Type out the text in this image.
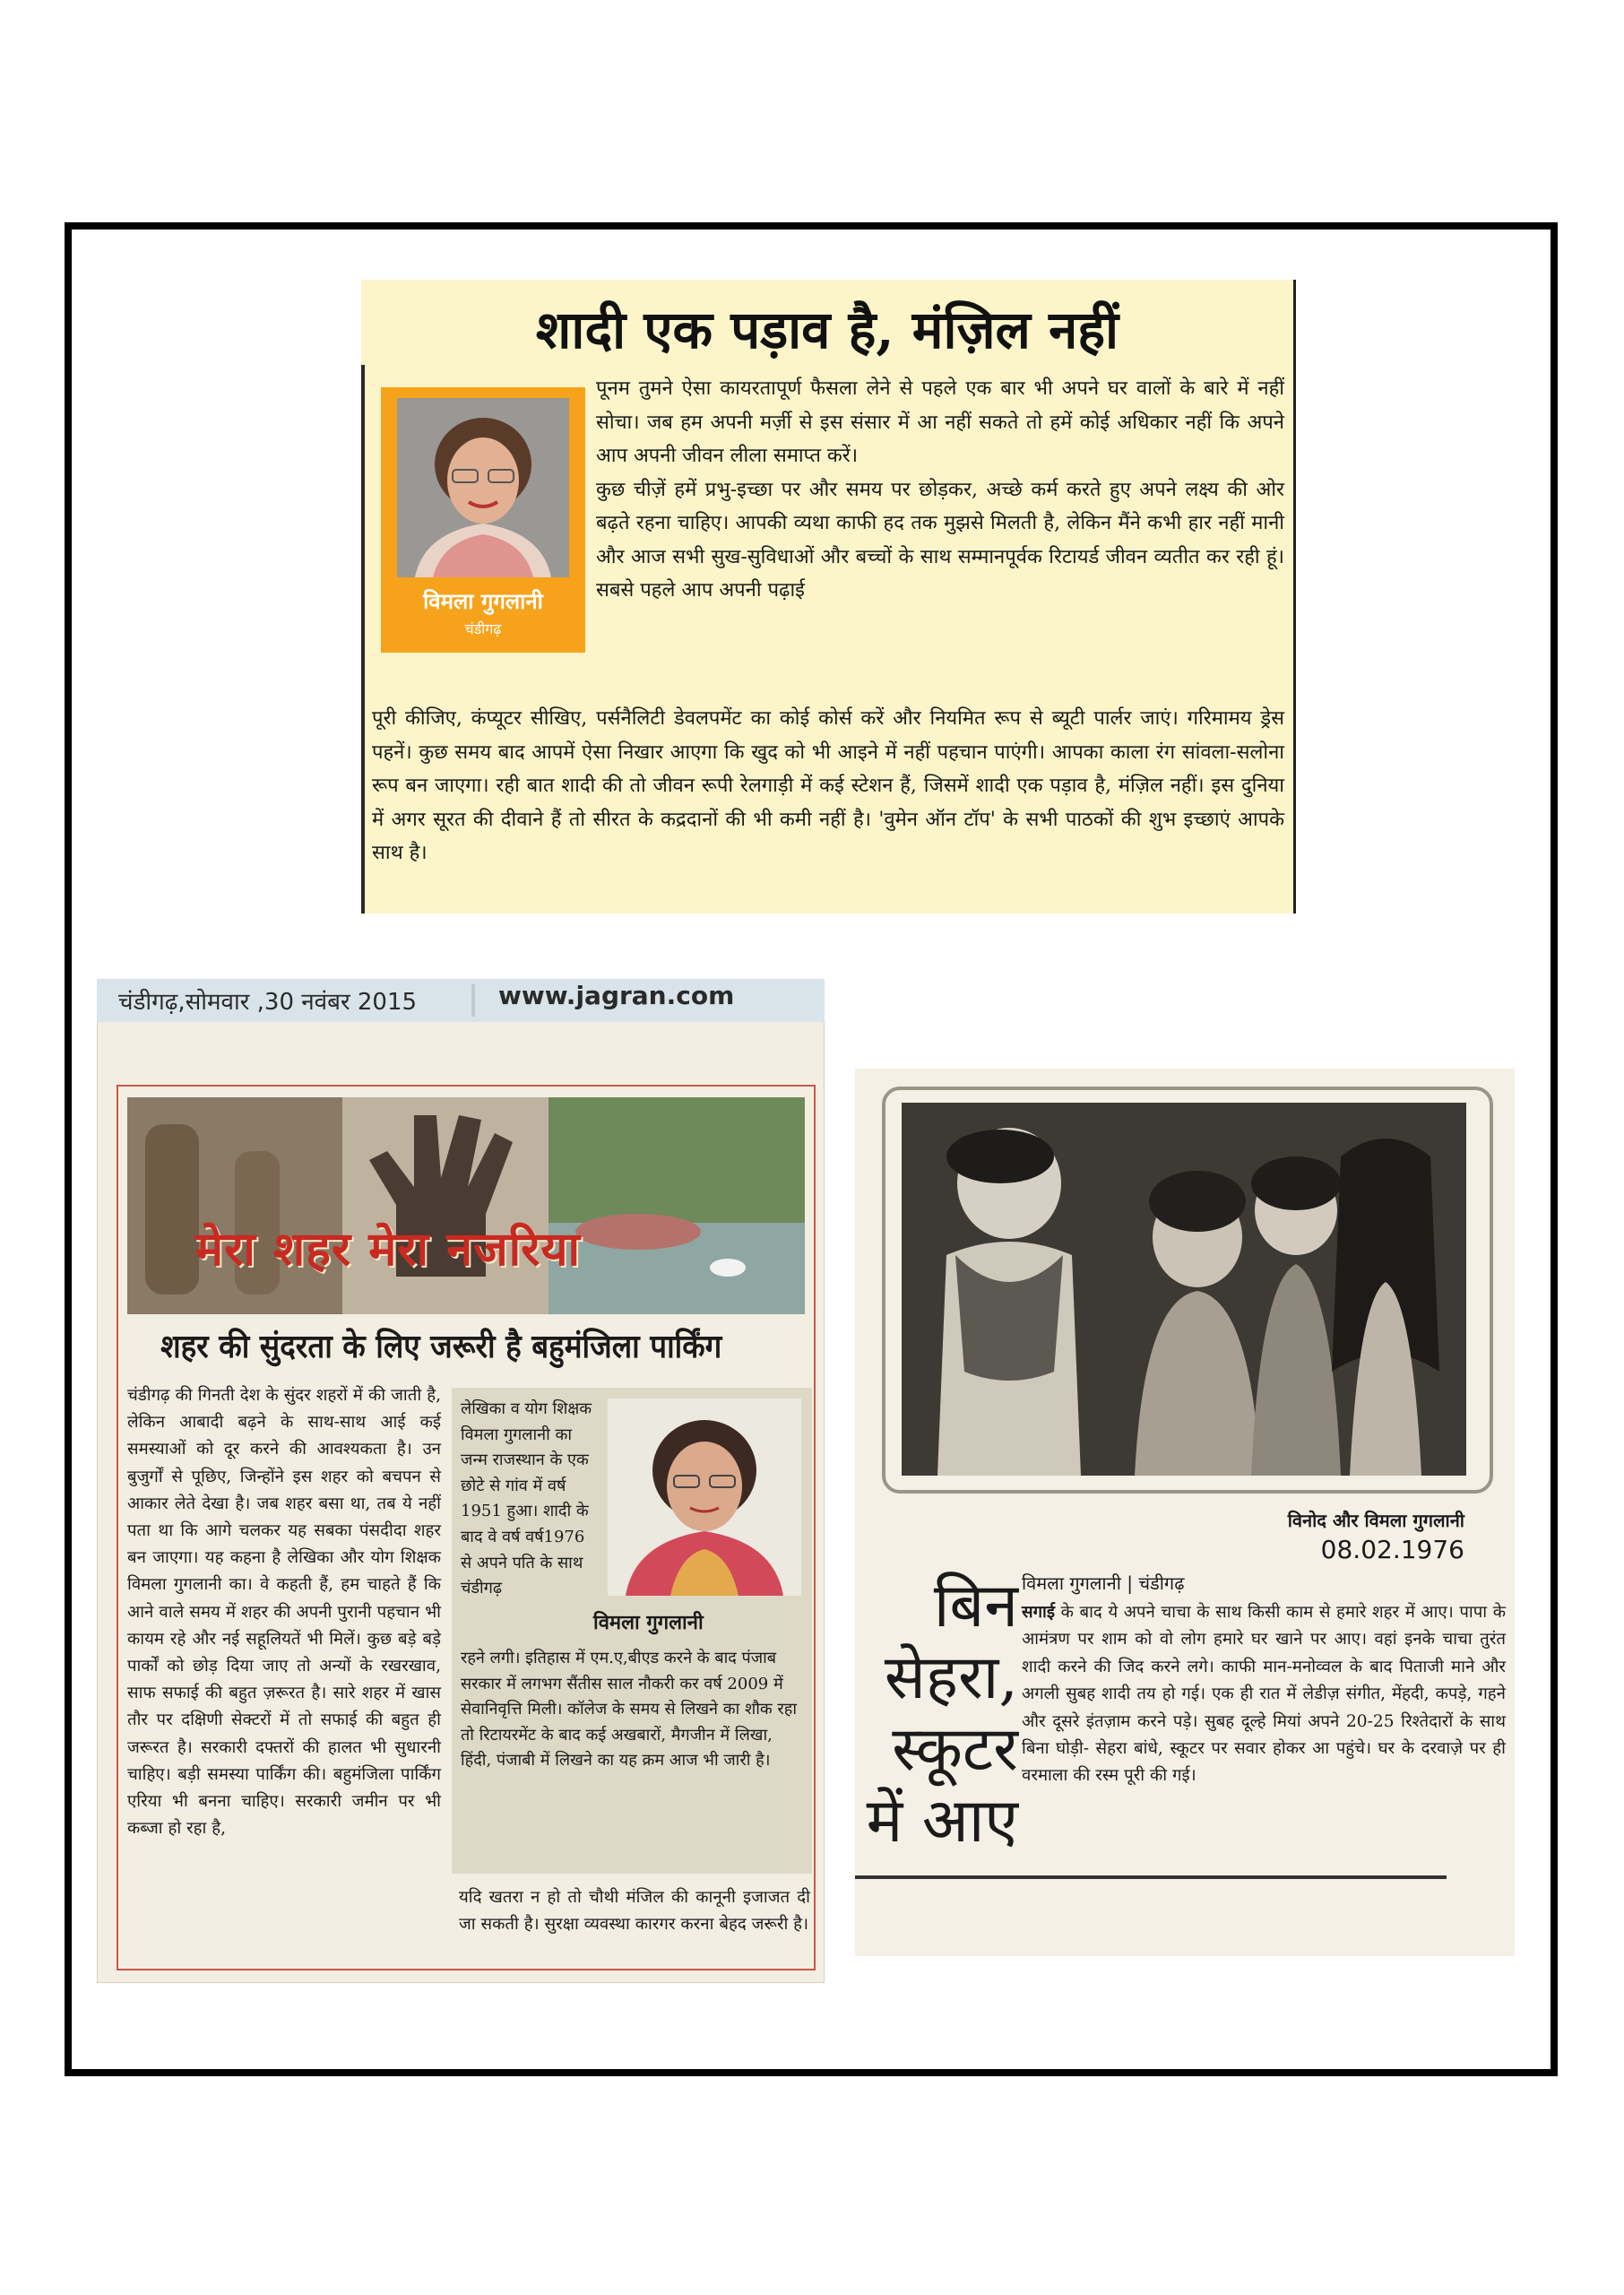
शादी एक पड़ाव है, मंज़िल नहीं
विमला गुगलानी
चंडीगढ़

पूनम तुमने ऐसा कायरतापूर्ण फैसला लेने से पहले एक बार भी अपने घर वालों के बारे में नहीं सोचा। जब हम अपनी मर्ज़ी से इस संसार में आ नहीं सकते तो हमें कोई अधिकार नहीं कि अपने आप अपनी जीवन लीला समाप्त करें।

कुछ चीज़ें हमें प्रभु-इच्छा पर और समय पर छोड़कर, अच्छे कर्म करते हुए अपने लक्ष्य की ओर बढ़ते रहना चाहिए। आपकी व्यथा काफी हद तक मुझसे मिलती है, लेकिन मैंने कभी हार नहीं मानी और आज सभी सुख-सुविधाओं और बच्चों के साथ सम्मानपूर्वक रिटायर्ड जीवन व्यतीत कर रही हूं। सबसे पहले आप अपनी पढ़ाई

पूरी कीजिए, कंप्यूटर सीखिए, पर्सनैलिटी डेवलपमेंट का कोई कोर्स करें और नियमित रूप से ब्यूटी पार्लर जाएं। गरिमामय ड्रेस पहनें। कुछ समय बाद आपमें ऐसा निखार आएगा कि खुद को भी आइने में नहीं पहचान पाएंगी। आपका काला रंग सांवला-सलोना रूप बन जाएगा। रही बात शादी की तो जीवन रूपी रेलगाड़ी में कई स्टेशन हैं, जिसमें शादी एक पड़ाव है, मंज़िल नहीं। इस दुनिया में अगर सूरत की दीवाने हैं तो सीरत के कद्रदानों की भी कमी नहीं है। 'वुमेन ऑन टॉप' के सभी पाठकों की शुभ इच्छाएं आपके साथ है।

चंडीगढ़,सोमवार ,30 नवंबर 2015	www.jagran.com
मेरा शहर मेरा नजरिया
शहर की सुंदरता के लिए जरूरी है बहुमंजिला पार्किंग
चंडीगढ़ की गिनती देश के सुंदर शहरों में की जाती है, लेकिन आबादी बढ़ने के साथ-साथ आई कई समस्याओं को दूर करने की आवश्यकता है। उन बुजुर्गों से पूछिए, जिन्होंने इस शहर को बचपन से आकार लेते देखा है। जब शहर बसा था, तब ये नहीं पता था कि आगे चलकर यह सबका पंसदीदा शहर बन जाएगा। यह कहना है लेखिका और योग शिक्षक विमला गुगलानी का। वे कहती हैं, हम चाहते हैं कि आने वाले समय में शहर की अपनी पुरानी पहचान भी कायम रहे और नई सहूलियतें भी मिलें। कुछ बड़े बड़े पार्कों को छोड़ दिया जाए तो अन्यों के रखरखाव, साफ सफाई की बहुत ज़रूरत है। सारे शहर में खास तौर पर दक्षिणी सेक्टरों में तो सफाई की बहुत ही जरूरत है। सरकारी दफ्तरों की हालत भी सुधारनी चाहिए। बड़ी समस्या पार्किंग की। बहुमंजिला पार्किंग एरिया भी बनना चाहिए। सरकारी जमीन पर भी कब्जा हो रहा है,
लेखिका व योग शिक्षक विमला गुगलानी का जन्म राजस्थान के एक छोटे से गांव में वर्ष 1951 हुआ। शादी के बाद वे वर्ष वर्ष1976 से अपने पति के साथ चंडीगढ़
विमला गुगलानी
रहने लगी। इतिहास में एम.ए,बीएड करने के बाद पंजाब सरकार में लगभग सैंतीस साल नौकरी कर वर्ष 2009 में सेवानिवृत्ति मिली। कॉलेज के समय से लिखने का शौक रहा तो रिटायरमेंट के बाद कई अखबारों, मैगजीन में लिखा, हिंदी, पंजाबी में लिखने का यह क्रम आज भी जारी है।
यदि खतरा न हो तो चौथी मंजिल की कानूनी इजाजत दी जा सकती है। सुरक्षा व्यवस्था कारगर करना बेहद जरूरी है।
विनोद और विमला गुगलानी
08.02.1976
बिन
सेहरा,
स्कूटर
में आए
विमला गुगलानी | चंडीगढ़
सगाई के बाद ये अपने चाचा के साथ किसी काम से हमारे शहर में आए। पापा के आमंत्रण पर शाम को वो लोग हमारे घर खाने पर आए। वहां इनके चाचा तुरंत शादी करने की जिद करने लगे। काफी मान-मनोव्वल के बाद पिताजी माने और अगली सुबह शादी तय हो गई। एक ही रात में लेडीज़ संगीत, मेंहदी, कपड़े, गहने और दूसरे इंतज़ाम करने पड़े। सुबह दूल्हे मियां अपने 20-25 रिश्तेदारों के साथ बिना घोड़ी- सेहरा बांधे, स्कूटर पर सवार होकर आ पहुंचे। घर के दरवाज़े पर ही वरमाला की रस्म पूरी की गई।
